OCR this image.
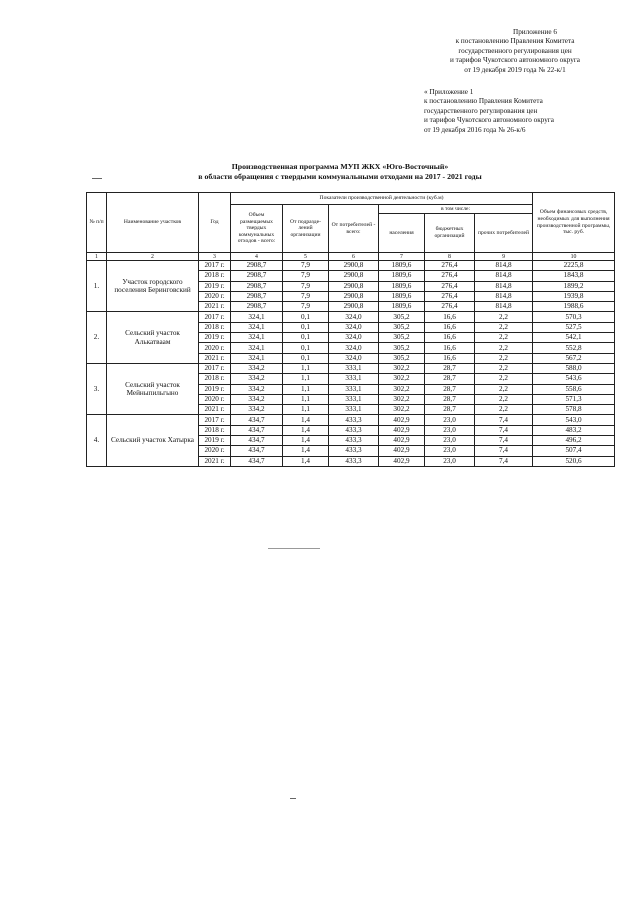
Приложение 6
к постановлению Правления Комитета
государственного регулирования цен
и тарифов Чукотского автономного округа
от 19 декабря 2019 года № 22-к/1
« Приложение 1
к постановлению Правления Комитета
государственного регулирования цен
и тарифов Чукотского автономного округа
от 19 декабря 2016 года № 26-к/6
Производственная программа МУП ЖКХ «Юго-Восточный»
в области обращения с твердыми коммунальными отходами на 2017 - 2021 годы
№ п/п	Наименование участков	Год	Показатели производственной деятельности (куб.м)						Объем финансовых средств, необходимых для выполнения производственной программы, тыс. руб.
			Объем размещаемых твердых коммунальных отходов - всего:	От подразде-лений организации	От потребителей - всего:	в том числе:			
						населения	бюджетных организаций	прочих потребителей	
1	2	3	4	5	6	7	8	9	10
1.	Участок городского поселения Беринговский	2017 г.	2908,7	7,9	2900,8	1809,6	276,4	814,8	2225,8
		2018 г.	2908,7	7,9	2900,8	1809,6	276,4	814,8	1843,8
		2019 г.	2908,7	7,9	2900,8	1809,6	276,4	814,8	1899,2
		2020 г.	2908,7	7,9	2900,8	1809,6	276,4	814,8	1939,8
		2021 г.	2908,7	7,9	2900,8	1809,6	276,4	814,8	1988,6
2.	Сельский участок Алькатваам	2017 г.	324,1	0,1	324,0	305,2	16,6	2,2	570,3
		2018 г.	324,1	0,1	324,0	305,2	16,6	2,2	527,5
		2019 г.	324,1	0,1	324,0	305,2	16,6	2,2	542,1
		2020 г.	324,1	0,1	324,0	305,2	16,6	2,2	552,8
		2021 г.	324,1	0,1	324,0	305,2	16,6	2,2	567,2
3.	Сельский участок Мейныпильгыно	2017 г.	334,2	1,1	333,1	302,2	28,7	2,2	588,0
		2018 г.	334,2	1,1	333,1	302,2	28,7	2,2	543,6
		2019 г.	334,2	1,1	333,1	302,2	28,7	2,2	558,6
		2020 г.	334,2	1,1	333,1	302,2	28,7	2,2	571,3
		2021 г.	334,2	1,1	333,1	302,2	28,7	2,2	578,8
4.	Сельский участок Хатырка	2017 г.	434,7	1,4	433,3	402,9	23,0	7,4	543,0
		2018 г.	434,7	1,4	433,3	402,9	23,0	7,4	483,2
		2019 г.	434,7	1,4	433,3	402,9	23,0	7,4	496,2
		2020 г.	434,7	1,4	433,3	402,9	23,0	7,4	507,4
		2021 г.	434,7	1,4	433,3	402,9	23,0	7,4	520,6
